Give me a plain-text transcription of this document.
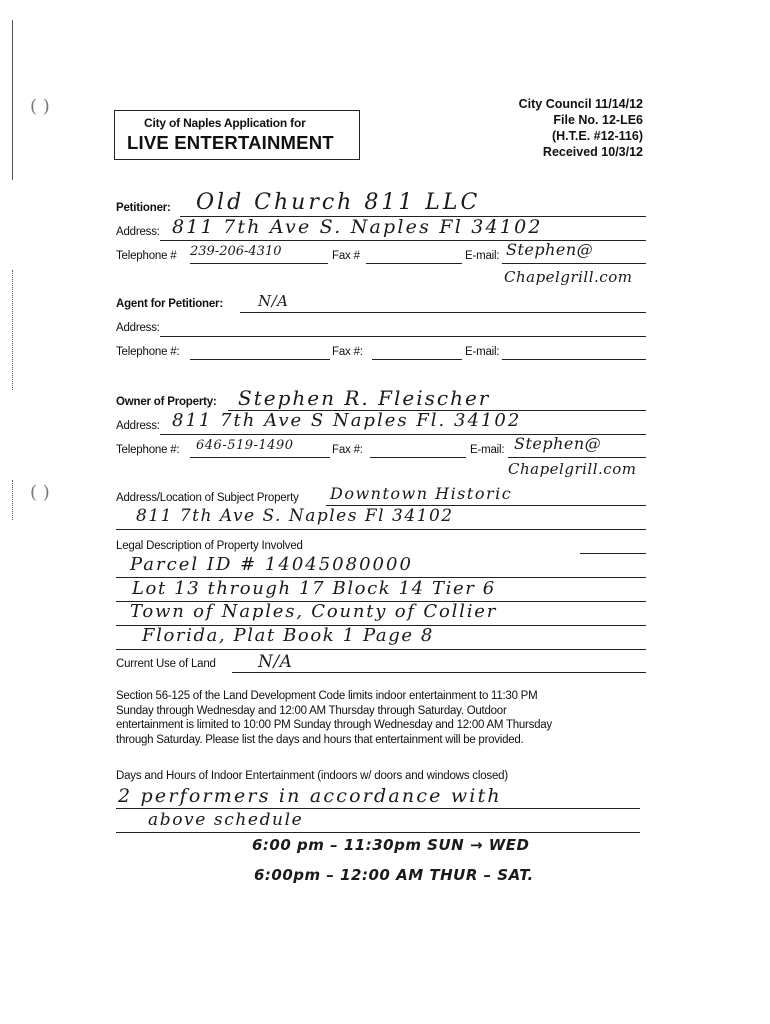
( )
( )
City of Naples Application for
LIVE ENTERTAINMENT
City Council 11/14/12
File No. 12-LE6
(H.T.E. #12-116)
Received 10/3/12
Petitioner: Old Church 811 LLC
Address: 811 7th Ave S. Naples Fl 34102
Telephone # 239-206-4310	Fax #	E-mail: Stephen@
Chapelgrill.com
Agent for Petitioner: N/A
Address:
Telephone #:	Fax #:	E-mail:
Owner of Property: Stephen R. Fleischer
Address: 811 7th Ave S Naples Fl. 34102
Telephone #: 646-519-1490	Fax #:	E-mail: Stephen@
Chapelgrill.com
Address/Location of Subject Property Downtown Historic
811 7th Ave S. Naples Fl 34102
Legal Description of Property Involved
Parcel ID # 14045080000
Lot 13 through 17 Block 14 Tier 6
Town of Naples, County of Collier
Florida, Plat Book 1 Page 8
Current Use of Land N/A
Section 56-125 of the Land Development Code limits indoor entertainment to 11:30 PM
Sunday through Wednesday and 12:00 AM Thursday through Saturday. Outdoor
entertainment is limited to 10:00 PM Sunday through Wednesday and 12:00 AM Thursday
through Saturday. Please list the days and hours that entertainment will be provided.
Days and Hours of Indoor Entertainment (indoors w/ doors and windows closed)
2 performers in accordance with
above schedule
6:00 pm – 11:30pm SUN → WED
6:00pm – 12:00 AM THUR – SAT.
